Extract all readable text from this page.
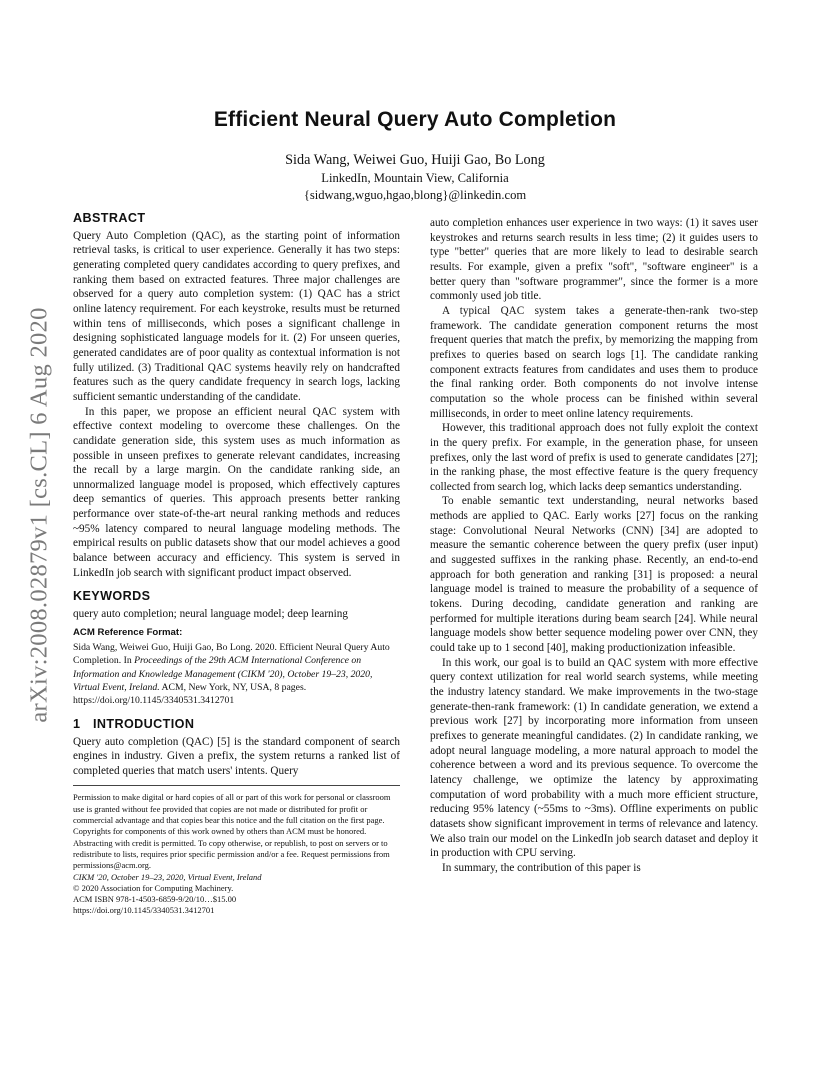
arXiv:2008.02879v1 [cs.CL] 6 Aug 2020
Efficient Neural Query Auto Completion
Sida Wang, Weiwei Guo, Huiji Gao, Bo Long
LinkedIn, Mountain View, California
{sidwang,wguo,hgao,blong}@linkedin.com
ABSTRACT

Query Auto Completion (QAC), as the starting point of information retrieval tasks, is critical to user experience. Generally it has two steps: generating completed query candidates according to query prefixes, and ranking them based on extracted features. Three major challenges are observed for a query auto completion system: (1) QAC has a strict online latency requirement. For each keystroke, results must be returned within tens of milliseconds, which poses a significant challenge in designing sophisticated language models for it. (2) For unseen queries, generated candidates are of poor quality as contextual information is not fully utilized. (3) Traditional QAC systems heavily rely on handcrafted features such as the query candidate frequency in search logs, lacking sufficient semantic understanding of the candidate.

In this paper, we propose an efficient neural QAC system with effective context modeling to overcome these challenges. On the candidate generation side, this system uses as much information as possible in unseen prefixes to generate relevant candidates, increasing the recall by a large margin. On the candidate ranking side, an unnormalized language model is proposed, which effectively captures deep semantics of queries. This approach presents better ranking performance over state-of-the-art neural ranking methods and reduces ~95% latency compared to neural language modeling methods. The empirical results on public datasets show that our model achieves a good balance between accuracy and efficiency. This system is served in LinkedIn job search with significant product impact observed.

KEYWORDS

query auto completion; neural language model; deep learning

ACM Reference Format:

Sida Wang, Weiwei Guo, Huiji Gao, Bo Long. 2020. Efficient Neural Query Auto Completion. In Proceedings of the 29th ACM International Conference on Information and Knowledge Management (CIKM '20), October 19–23, 2020, Virtual Event, Ireland. ACM, New York, NY, USA, 8 pages. https://doi.org/10.1145/3340531.3412701

1 INTRODUCTION

Query auto completion (QAC) [5] is the standard component of search engines in industry. Given a prefix, the system returns a ranked list of completed queries that match users' intents. Query

Permission to make digital or hard copies of all or part of this work for personal or classroom use is granted without fee provided that copies are not made or distributed for profit or commercial advantage and that copies bear this notice and the full citation on the first page. Copyrights for components of this work owned by others than ACM must be honored. Abstracting with credit is permitted. To copy otherwise, or republish, to post on servers or to redistribute to lists, requires prior specific permission and/or a fee. Request permissions from permissions@acm.org.
CIKM '20, October 19–23, 2020, Virtual Event, Ireland
© 2020 Association for Computing Machinery.
ACM ISBN 978-1-4503-6859-9/20/10…$15.00
https://doi.org/10.1145/3340531.3412701

auto completion enhances user experience in two ways: (1) it saves user keystrokes and returns search results in less time; (2) it guides users to type "better" queries that are more likely to lead to desirable search results. For example, given a prefix "soft", "software engineer" is a better query than "software programmer", since the former is a more commonly used job title.

A typical QAC system takes a generate-then-rank two-step framework. The candidate generation component returns the most frequent queries that match the prefix, by memorizing the mapping from prefixes to queries based on search logs [1]. The candidate ranking component extracts features from candidates and uses them to produce the final ranking order. Both components do not involve intense computation so the whole process can be finished within several milliseconds, in order to meet online latency requirements.

However, this traditional approach does not fully exploit the context in the query prefix. For example, in the generation phase, for unseen prefixes, only the last word of prefix is used to generate candidates [27]; in the ranking phase, the most effective feature is the query frequency collected from search log, which lacks deep semantics understanding.

To enable semantic text understanding, neural networks based methods are applied to QAC. Early works [27] focus on the ranking stage: Convolutional Neural Networks (CNN) [34] are adopted to measure the semantic coherence between the query prefix (user input) and suggested suffixes in the ranking phase. Recently, an end-to-end approach for both generation and ranking [31] is proposed: a neural language model is trained to measure the probability of a sequence of tokens. During decoding, candidate generation and ranking are performed for multiple iterations during beam search [24]. While neural language models show better sequence modeling power over CNN, they could take up to 1 second [40], making productionization infeasible.

In this work, our goal is to build an QAC system with more effective query context utilization for real world search systems, while meeting the industry latency standard. We make improvements in the two-stage generate-then-rank framework: (1) In candidate generation, we extend a previous work [27] by incorporating more information from unseen prefixes to generate meaningful candidates. (2) In candidate ranking, we adopt neural language modeling, a more natural approach to model the coherence between a word and its previous sequence. To overcome the latency challenge, we optimize the latency by approximating computation of word probability with a much more efficient structure, reducing 95% latency (~55ms to ~3ms). Offline experiments on public datasets show significant improvement in terms of relevance and latency. We also train our model on the LinkedIn job search dataset and deploy it in production with CPU serving.

In summary, the contribution of this paper is
